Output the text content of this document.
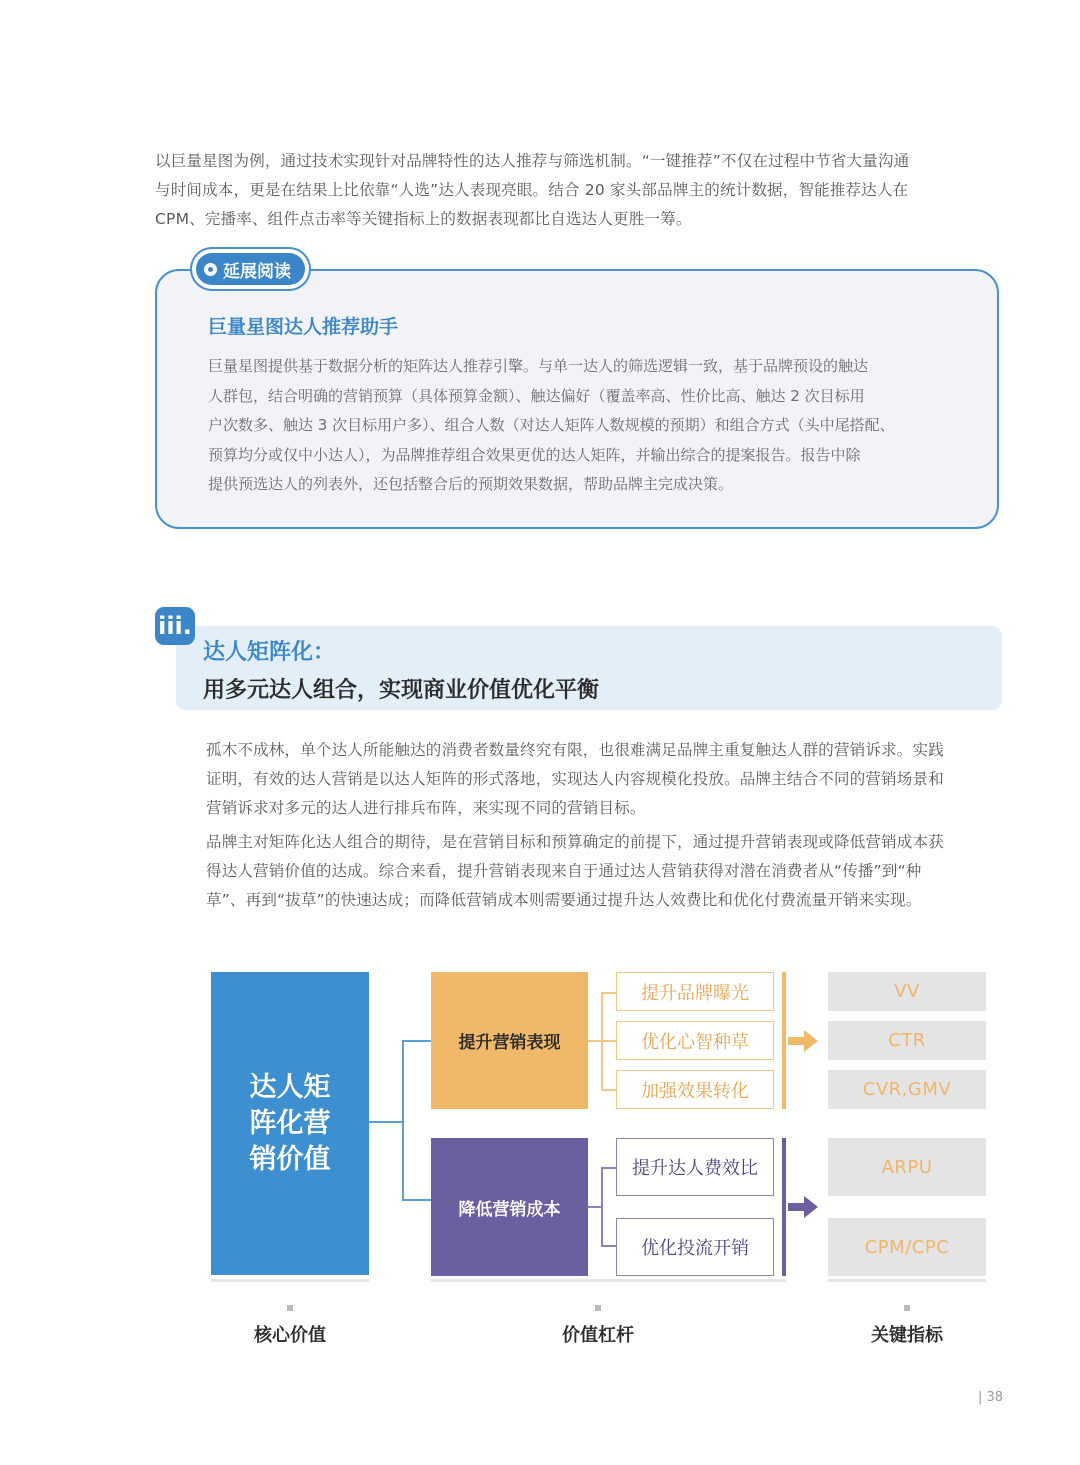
以巨量星图为例，通过技术实现针对品牌特性的达人推荐与筛选机制。“一键推荐”不仅在过程中节省大量沟通
与时间成本，更是在结果上比依靠“人选”达人表现亮眼。结合 20 家头部品牌主的统计数据，智能推荐达人在
CPM、完播率、组件点击率等关键指标上的数据表现都比自选达人更胜一筹。
延展阅读
巨量星图达人推荐助手
巨量星图提供基于数据分析的矩阵达人推荐引擎。与单一达人的筛选逻辑一致，基于品牌预设的触达
人群包，结合明确的营销预算（具体预算金额）、触达偏好（覆盖率高、性价比高、触达 2 次目标用
户次数多、触达 3 次目标用户多）、组合人数（对达人矩阵人数规模的预期）和组合方式（头中尾搭配、
预算均分或仅中小达人），为品牌推荐组合效果更优的达人矩阵，并输出综合的提案报告。报告中除
提供预选达人的列表外，还包括整合后的预期效果数据，帮助品牌主完成决策。
iii.
达人矩阵化：
用多元达人组合，实现商业价值优化平衡
孤木不成林，单个达人所能触达的消费者数量终究有限，也很难满足品牌主重复触达人群的营销诉求。实践
证明，有效的达人营销是以达人矩阵的形式落地，实现达人内容规模化投放。品牌主结合不同的营销场景和
营销诉求对多元的达人进行排兵布阵，来实现不同的营销目标。
品牌主对矩阵化达人组合的期待，是在营销目标和预算确定的前提下，通过提升营销表现或降低营销成本获
得达人营销价值的达成。综合来看，提升营销表现来自于通过达人营销获得对潜在消费者从“传播”到“种
草”、再到“拔草”的快速达成；而降低营销成本则需要通过提升达人效费比和优化付费流量开销来实现。
达人矩
阵化营
销价值
提升营销表现
降低营销成本
提升品牌曝光
优化心智种草
加强效果转化
提升达人费效比
优化投流开销
VV
CTR
CVR,GMV
ARPU
CPM/CPC
核心价值	价值杠杆	关键指标
| 38
